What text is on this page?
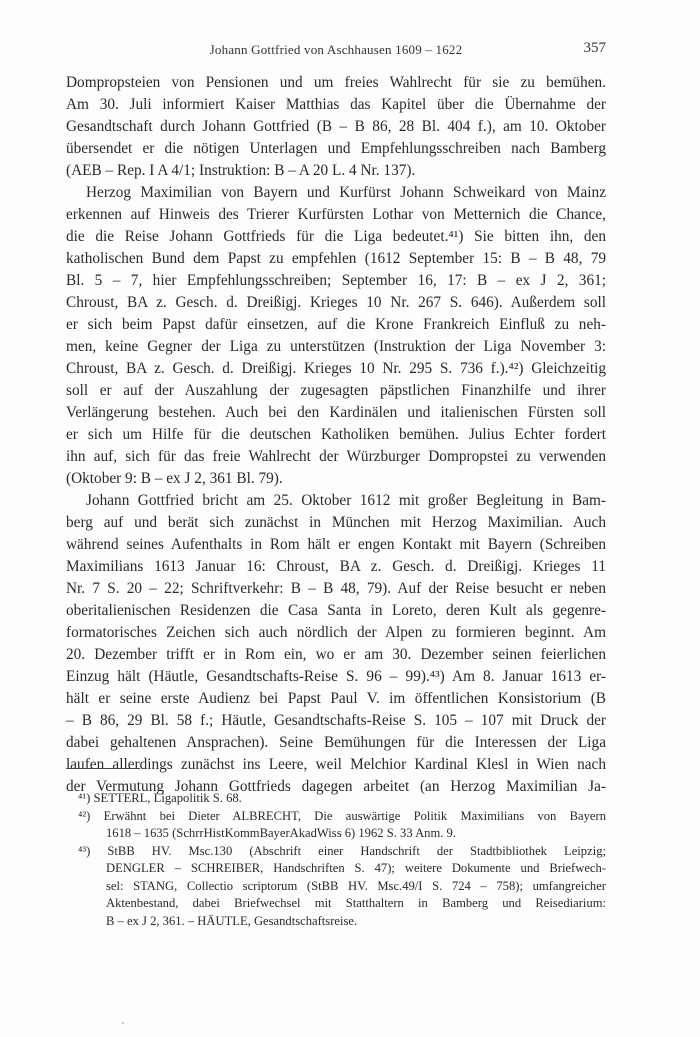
Johann Gottfried von Aschhausen 1609 – 1622	357
Dompropsteien von Pensionen und um freies Wahlrecht für sie zu bemühen.
Am 30. Juli informiert Kaiser Matthias das Kapitel über die Übernahme der
Gesandtschaft durch Johann Gottfried (B – B 86, 28 Bl. 404 f.), am 10. Oktober
übersendet er die nötigen Unterlagen und Empfehlungsschreiben nach Bamberg
(AEB – Rep. I A 4/1; Instruktion: B – A 20 L. 4 Nr. 137).
Herzog Maximilian von Bayern und Kurfürst Johann Schweikard von Mainz
erkennen auf Hinweis des Trierer Kurfürsten Lothar von Metternich die Chance,
die die Reise Johann Gottfrieds für die Liga bedeutet.⁴¹) Sie bitten ihn, den
katholischen Bund dem Papst zu empfehlen (1612 September 15: B – B 48, 79
Bl. 5 – 7, hier Empfehlungsschreiben; September 16, 17: B – ex J 2, 361;
Chroust, BA z. Gesch. d. Dreißigj. Krieges 10 Nr. 267 S. 646). Außerdem soll
er sich beim Papst dafür einsetzen, auf die Krone Frankreich Einfluß zu neh-
men, keine Gegner der Liga zu unterstützen (Instruktion der Liga November 3:
Chroust, BA z. Gesch. d. Dreißigj. Krieges 10 Nr. 295 S. 736 f.).⁴²) Gleichzeitig
soll er auf der Auszahlung der zugesagten päpstlichen Finanzhilfe und ihrer
Verlängerung bestehen. Auch bei den Kardinälen und italienischen Fürsten soll
er sich um Hilfe für die deutschen Katholiken bemühen. Julius Echter fordert
ihn auf, sich für das freie Wahlrecht der Würzburger Dompropstei zu verwenden
(Oktober 9: B – ex J 2, 361 Bl. 79).
Johann Gottfried bricht am 25. Oktober 1612 mit großer Begleitung in Bam-
berg auf und berät sich zunächst in München mit Herzog Maximilian. Auch
während seines Aufenthalts in Rom hält er engen Kontakt mit Bayern (Schreiben
Maximilians 1613 Januar 16: Chroust, BA z. Gesch. d. Dreißigj. Krieges 11
Nr. 7 S. 20 – 22; Schriftverkehr: B – B 48, 79). Auf der Reise besucht er neben
oberitalienischen Residenzen die Casa Santa in Loreto, deren Kult als gegenre-
formatorisches Zeichen sich auch nördlich der Alpen zu formieren beginnt. Am
20. Dezember trifft er in Rom ein, wo er am 30. Dezember seinen feierlichen
Einzug hält (Häutle, Gesandtschafts-Reise S. 96 – 99).⁴³) Am 8. Januar 1613 er-
hält er seine erste Audienz bei Papst Paul V. im öffentlichen Konsistorium (B
– B 86, 29 Bl. 58 f.; Häutle, Gesandtschafts-Reise S. 105 – 107 mit Druck der
dabei gehaltenen Ansprachen). Seine Bemühungen für die Interessen der Liga
laufen allerdings zunächst ins Leere, weil Melchior Kardinal Klesl in Wien nach
der Vermutung Johann Gottfrieds dagegen arbeitet (an Herzog Maximilian Ja-
⁴¹) SETTERL, Ligapolitik S. 68.
⁴²) Erwähnt bei Dieter ALBRECHT, Die auswärtige Politik Maximilians von Bayern
1618 – 1635 (SchrrHistKommBayerAkadWiss 6) 1962 S. 33 Anm. 9.
⁴³) StBB HV. Msc.130 (Abschrift einer Handschrift der Stadtbibliothek Leipzig;
DENGLER – SCHREIBER, Handschriften S. 47); weitere Dokumente und Briefwech-
sel: STANG, Collectio scriptorum (StBB HV. Msc.49/I S. 724 – 758); umfangreicher
Aktenbestand, dabei Briefwechsel mit Statthaltern in Bamberg und Reisediarium:
B – ex J 2, 361. – HÄUTLE, Gesandtschaftsreise.
